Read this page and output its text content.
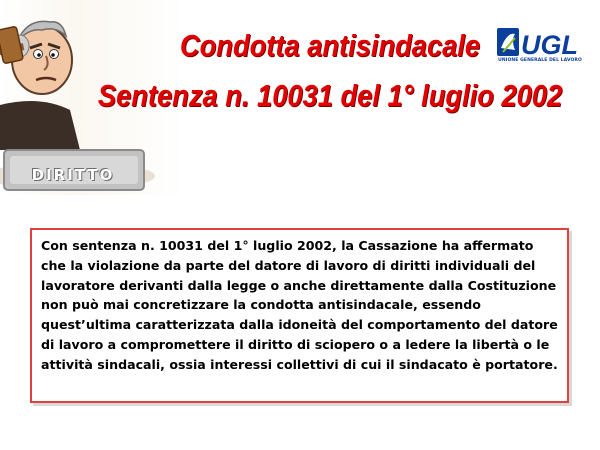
DIRITTO
Condotta antisindacale
Sentenza n. 10031 del 1° luglio 2002
UGL
UNIONE GENERALE DEL LAVORO

Con sentenza n. 10031 del 1° luglio 2002, la Cassazione ha affermato che la violazione da parte del datore di lavoro di diritti individuali del lavoratore derivanti dalla legge o anche direttamente dalla Costituzione non può mai concretizzare la condotta antisindacale, essendo quest’ultima caratterizzata dalla idoneità del comportamento del datore di lavoro a compromettere il diritto di sciopero o a ledere la libertà o le attività sindacali, ossia interessi collettivi di cui il sindacato è portatore.
